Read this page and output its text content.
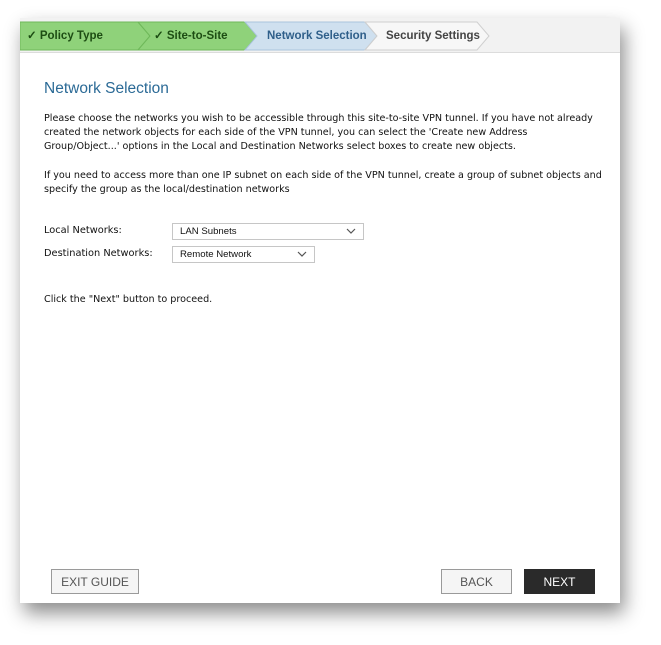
✓ Policy Type	✓ Site-to-Site	Network Selection Security Settings
Network Selection

Please choose the networks you wish to be accessible through this site-to-site VPN tunnel. If you have not already created the network objects for each side of the VPN tunnel, you can select the 'Create new Address Group/Object...' options in the Local and Destination Networks select boxes to create new objects.

If you need to access more than one IP subnet on each side of the VPN tunnel, create a group of subnet objects and specify the group as the local/destination networks

Local Networks:	LAN Subnets
Destination Networks:	Remote Network
Click the "Next" button to proceed.
EXIT GUIDE	BACK	NEXT
